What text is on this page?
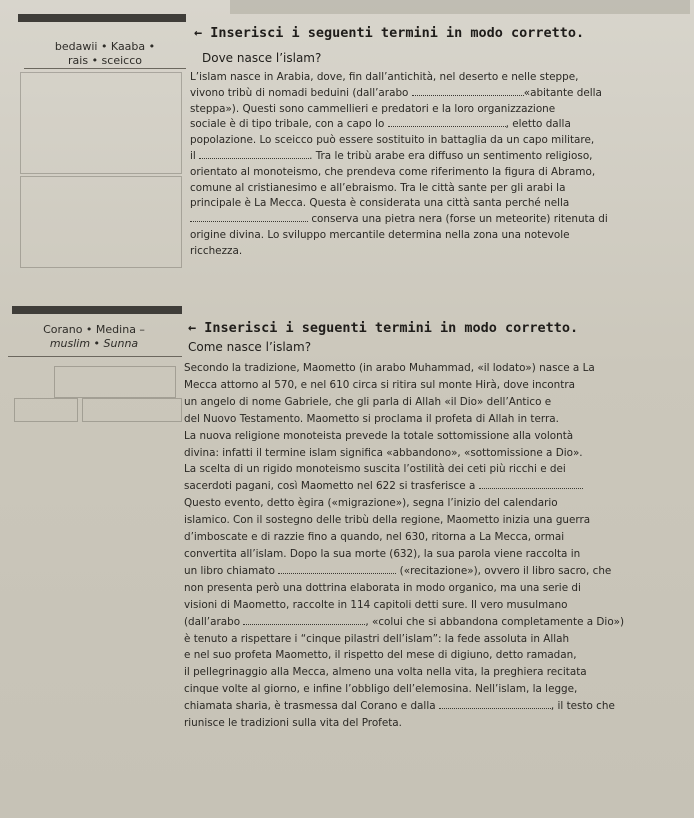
bedawii • Kaaba •
rais • sceicco
← Inserisci i seguenti termini in modo corretto.
Dove nasce l’islam?
L’islam nasce in Arabia, dove, fin dall’antichità, nel deserto e nelle steppe,
vivono tribù di nomadi beduini (dall’arabo	«abitante della
steppa»). Questi sono cammellieri e predatori e la loro organizzazione
sociale è di tipo tribale, con a capo lo	, eletto dalla
popolazione. Lo sceicco può essere sostituito in battaglia da un capo militare,
il	. Tra le tribù arabe era diffuso un sentimento religioso,
orientato al monoteismo, che prendeva come riferimento la figura di Abramo,
comune al cristianesimo e all’ebraismo. Tra le città sante per gli arabi la
principale è La Mecca. Questa è considerata una città santa perché nella
conserva una pietra nera (forse un meteorite) ritenuta di
origine divina. Lo sviluppo mercantile determina nella zona una notevole
ricchezza.
Corano • Medina –
muslim • Sunna
← Inserisci i seguenti termini in modo corretto.
Come nasce l’islam?
Secondo la tradizione, Maometto (in arabo Muhammad, «il lodato») nasce a La
Mecca attorno al 570, e nel 610 circa si ritira sul monte Hirà, dove incontra
un angelo di nome Gabriele, che gli parla di Allah «il Dio» dell’Antico e
del Nuovo Testamento. Maometto si proclama il profeta di Allah in terra.
La nuova religione monoteista prevede la totale sottomissione alla volontà
divina: infatti il termine islam significa «abbandono», «sottomissione a Dio».
La scelta di un rigido monoteismo suscita l’ostilità dei ceti più ricchi e dei
sacerdoti pagani, così Maometto nel 622 si trasferisce a
Questo evento, detto ègira («migrazione»), segna l’inizio del calendario
islamico. Con il sostegno delle tribù della regione, Maometto inizia una guerra
d’imboscate e di razzie fino a quando, nel 630, ritorna a La Mecca, ormai
convertita all’islam. Dopo la sua morte (632), la sua parola viene raccolta in
un libro chiamato	(«recitazione»), ovvero il libro sacro, che
non presenta però una dottrina elaborata in modo organico, ma una serie di
visioni di Maometto, raccolte in 114 capitoli detti sure. Il vero musulmano
(dall’arabo	, «colui che si abbandona completamente a Dio»)
è tenuto a rispettare i “cinque pilastri dell’islam”: la fede assoluta in Allah
e nel suo profeta Maometto, il rispetto del mese di digiuno, detto ramadan,
il pellegrinaggio alla Mecca, almeno una volta nella vita, la preghiera recitata
cinque volte al giorno, e infine l’obbligo dell’elemosina. Nell’islam, la legge,
chiamata sharia, è trasmessa dal Corano e dalla	, il testo che
riunisce le tradizioni sulla vita del Profeta.
